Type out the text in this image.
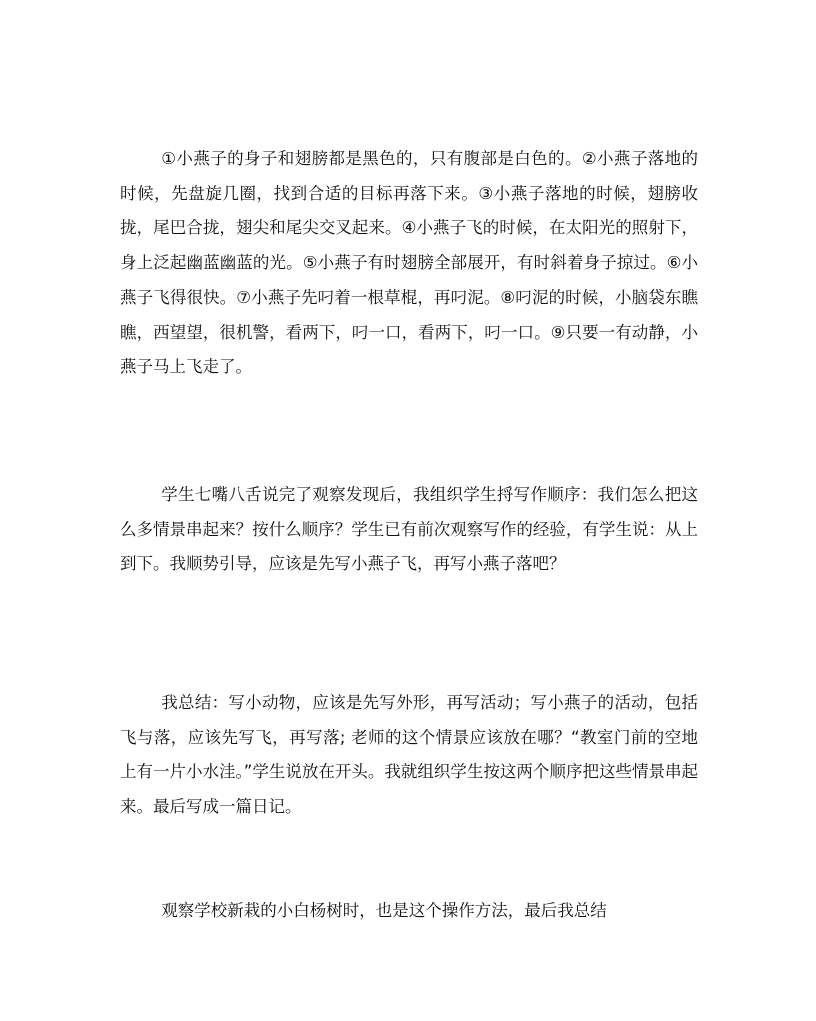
①小燕子的身子和翅膀都是黑色的，只有腹部是白色的。②小燕子落地的时候，先盘旋几圈，找到合适的目标再落下来。③小燕子落地的时候，翅膀收拢，尾巴合拢，翅尖和尾尖交叉起来。④小燕子飞的时候，在太阳光的照射下，身上泛起幽蓝幽蓝的光。⑤小燕子有时翅膀全部展开，有时斜着身子掠过。⑥小燕子飞得很快。⑦小燕子先叼着一根草棍，再叼泥。⑧叼泥的时候，小脑袋东瞧瞧，西望望，很机警，看两下，叼一口，看两下，叼一口。⑨只要一有动静，小燕子马上飞走了。

学生七嘴八舌说完了观察发现后，我组织学生捋写作顺序：我们怎么把这么多情景串起来？按什么顺序？学生已有前次观察写作的经验，有学生说：从上到下。我顺势引导，应该是先写小燕子飞，再写小燕子落吧？

我总结：写小动物，应该是先写外形，再写活动；写小燕子的活动，包括飞与落，应该先写飞，再写落; 老师的这个情景应该放在哪？“教室门前的空地上有一片小水洼。”学生说放在开头。我就组织学生按这两个顺序把这些情景串起来。最后写成一篇日记。

观察学校新栽的小白杨树时，也是这个操作方法，最后我总结
